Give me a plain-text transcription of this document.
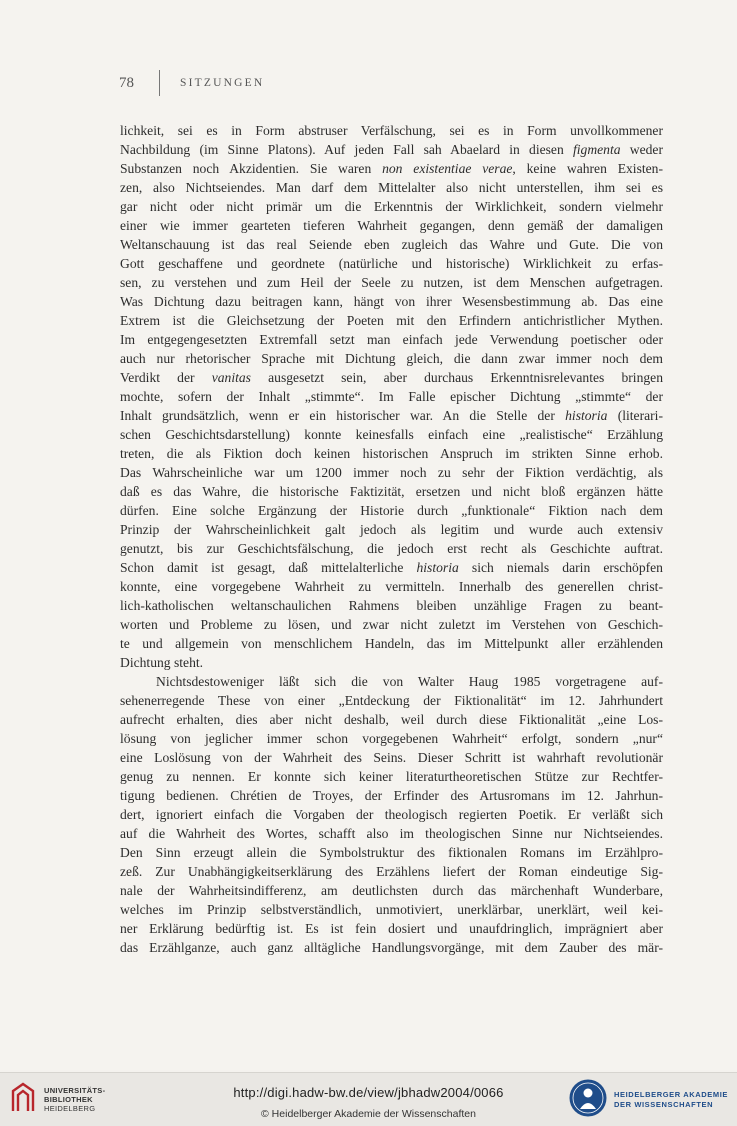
78	SITZUNGEN
lichkeit, sei es in Form abstruser Verfälschung, sei es in Form unvollkommener
Nachbildung (im Sinne Platons). Auf jeden Fall sah Abaelard in diesen figmenta weder
Substanzen noch Akzidentien. Sie waren non existentiae verae, keine wahren Existen-
zen, also Nichtseiendes. Man darf dem Mittelalter also nicht unterstellen, ihm sei es
gar nicht oder nicht primär um die Erkenntnis der Wirklichkeit, sondern vielmehr
einer wie immer gearteten tieferen Wahrheit gegangen, denn gemäß der damaligen
Weltanschauung ist das real Seiende eben zugleich das Wahre und Gute. Die von
Gott geschaffene und geordnete (natürliche und historische) Wirklichkeit zu erfas-
sen, zu verstehen und zum Heil der Seele zu nutzen, ist dem Menschen aufgetragen.
Was Dichtung dazu beitragen kann, hängt von ihrer Wesensbestimmung ab. Das eine
Extrem ist die Gleichsetzung der Poeten mit den Erfindern antichristlicher Mythen.
Im entgegengesetzten Extremfall setzt man einfach jede Verwendung poetischer oder
auch nur rhetorischer Sprache mit Dichtung gleich, die dann zwar immer noch dem
Verdikt der vanitas ausgesetzt sein, aber durchaus Erkenntnisrelevantes bringen
mochte, sofern der Inhalt „stimmte“. Im Falle epischer Dichtung „stimmte“ der
Inhalt grundsätzlich, wenn er ein historischer war. An die Stelle der historia (literari-
schen Geschichtsdarstellung) konnte keinesfalls einfach eine „realistische“ Erzählung
treten, die als Fiktion doch keinen historischen Anspruch im strikten Sinne erhob.
Das Wahrscheinliche war um 1200 immer noch zu sehr der Fiktion verdächtig, als
daß es das Wahre, die historische Faktizität, ersetzen und nicht bloß ergänzen hätte
dürfen. Eine solche Ergänzung der Historie durch „funktionale“ Fiktion nach dem
Prinzip der Wahrscheinlichkeit galt jedoch als legitim und wurde auch extensiv
genutzt, bis zur Geschichtsfälschung, die jedoch erst recht als Geschichte auftrat.
Schon damit ist gesagt, daß mittelalterliche historia sich niemals darin erschöpfen
konnte, eine vorgegebene Wahrheit zu vermitteln. Innerhalb des generellen christ-
lich-katholischen weltanschaulichen Rahmens bleiben unzählige Fragen zu beant-
worten und Probleme zu lösen, und zwar nicht zuletzt im Verstehen von Geschich-
te und allgemein von menschlichem Handeln, das im Mittelpunkt aller erzählenden
Dichtung steht.
Nichtsdestoweniger läßt sich die von Walter Haug 1985 vorgetragene auf-
sehenerregende These von einer „Entdeckung der Fiktionalität“ im 12. Jahrhundert
aufrecht erhalten, dies aber nicht deshalb, weil durch diese Fiktionalität „eine Los-
lösung von jeglicher immer schon vorgegebenen Wahrheit“ erfolgt, sondern „nur“
eine Loslösung von der Wahrheit des Seins. Dieser Schritt ist wahrhaft revolutionär
genug zu nennen. Er konnte sich keiner literaturtheoretischen Stütze zur Rechtfer-
tigung bedienen. Chrétien de Troyes, der Erfinder des Artusromans im 12. Jahrhun-
dert, ignoriert einfach die Vorgaben der theologisch regierten Poetik. Er verläßt sich
auf die Wahrheit des Wortes, schafft also im theologischen Sinne nur Nichtseiendes.
Den Sinn erzeugt allein die Symbolstruktur des fiktionalen Romans im Erzählpro-
zeß. Zur Unabhängigkeitserklärung des Erzählens liefert der Roman eindeutige Sig-
nale der Wahrheitsindifferenz, am deutlichsten durch das märchenhaft Wunderbare,
welches im Prinzip selbstverständlich, unmotiviert, unerklärbar, unerklärt, weil kei-
ner Erklärung bedürftig ist. Es ist fein dosiert und unaufdringlich, imprägniert aber
das Erzählganze, auch ganz alltägliche Handlungsvorgänge, mit dem Zauber des mär-
UNIVERSITÄTS-
BIBLIOTHEK
HEIDELBERG
http://digi.hadw-bw.de/view/jbhadw2004/0066
© Heidelberger Akademie der Wissenschaften
HEIDELBERGER AKADEMIE
DER WISSENSCHAFTEN
